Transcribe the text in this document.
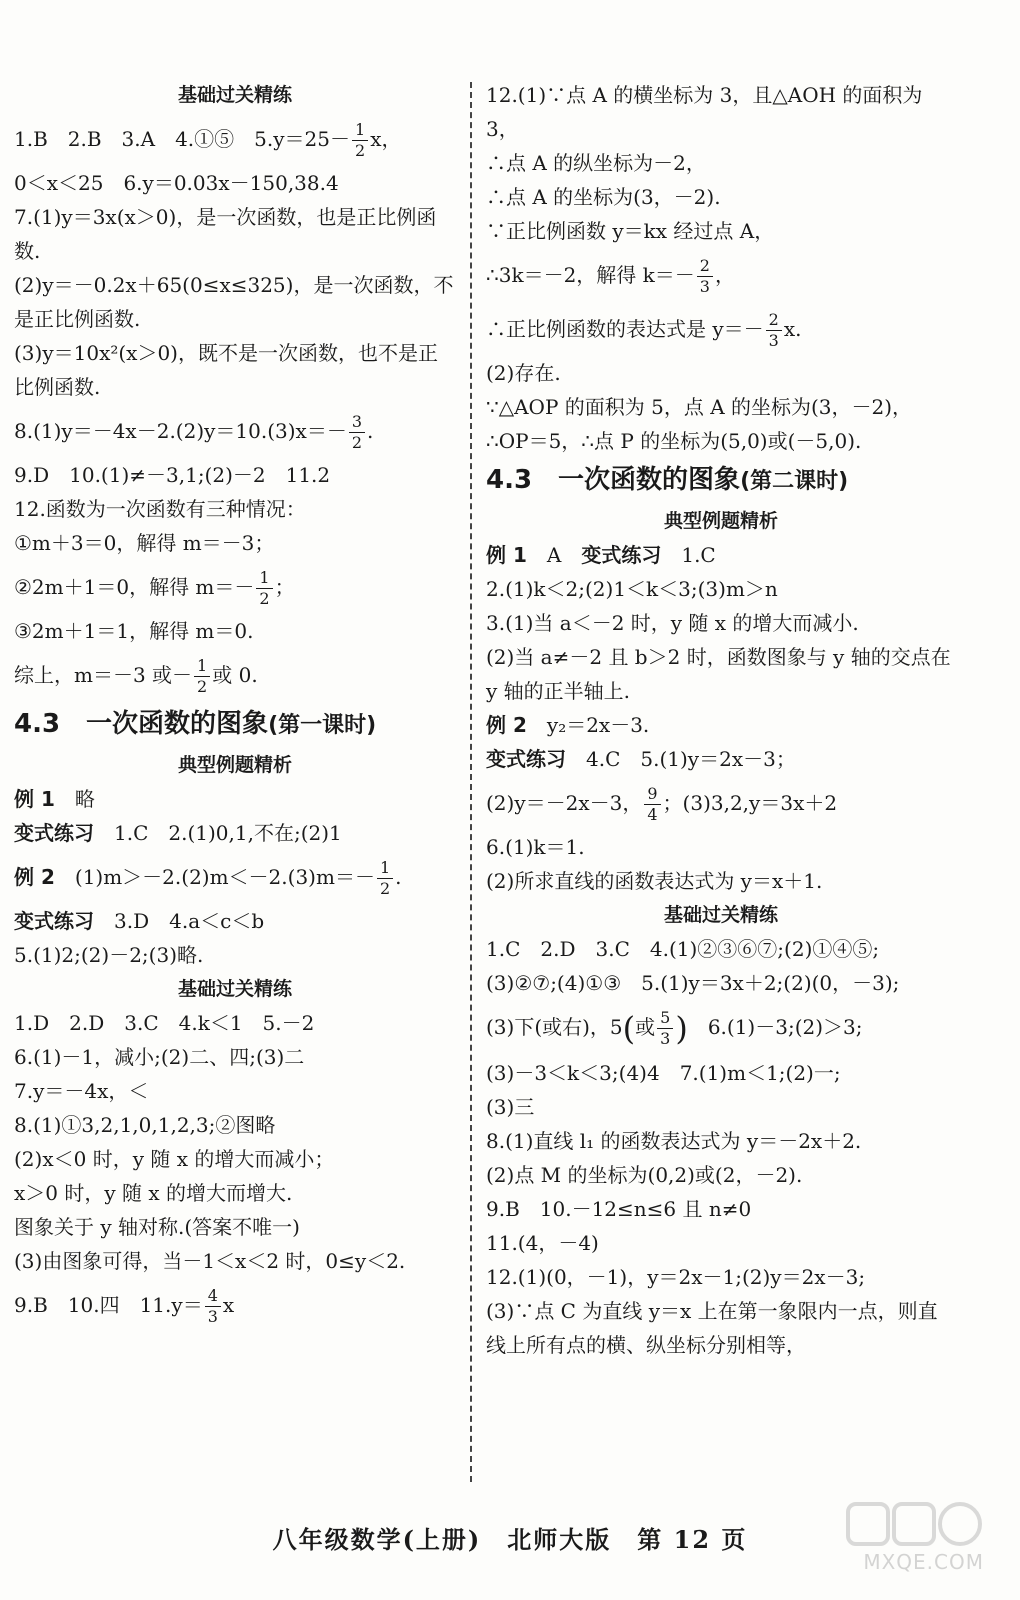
基础过关精练
1.B　2.B　3.A　4.①⑤　$5.y=25- \frac{1}{2}$ x，
0＜x＜25　6.y＝0.03x－150,38.4
7.(1)y＝3x(x＞0)，是一次函数，也是正比例函数.
(2)y＝－0.2x＋65(0≤x≤325)，是一次函数，不是正比例函数.
(3)y＝10x²(x＞0)，既不是一次函数，也不是正比例函数.
$8.(1)y=-4x-2.(2)y=10.(3)x=- \frac{3}{2}$ .
9.D　10.(1)≠－3,1;(2)－2　11.2
12.函数为一次函数有三种情况：
①m＋3＝0，解得 m＝－3；
②2m＋1＝0，解得 $m=- \frac{1}{2}$ ；
③2m＋1＝1，解得 m＝0.
综上，m＝－3 或－ $\frac{1}{2}$ 或 0.
4.3　一次函数的图象(第一课时)
典型例题精析
例 1　略
变式练习　1.C　2.(1)0,1,不在;(2)1
例 2　$(1)m>-2.(2)m<-2.(3)m=- \frac{1}{2}$ .
变式练习　3.D　4.a＜c＜b
5.(1)2;(2)－2;(3)略.
基础过关精练
1.D　2.D　3.C　4.k＜1　5.－2
6.(1)－1，减小;(2)二、四;(3)二
7.y＝－4x，＜
8.(1)①3,2,1,0,1,2,3;②图略
(2)x＜0 时，y 随 x 的增大而减小；
x＞0 时，y 随 x 的增大而增大.
图象关于 y 轴对称.(答案不唯一)
(3)由图象可得，当－1＜x＜2 时，0≤y＜2.
9.B　10.四　$11.y= \frac{4}{3}$ x
12.(1)∵点 A 的横坐标为 3，且△AOH 的面积为 3，
∴点 A 的纵坐标为－2，
∴点 A 的坐标为(3，－2).
∵正比例函数 y＝kx 经过点 A，
∴3k＝－2，解得 $k=- \frac{2}{3}$ ，
∴正比例函数的表达式是 $y=- \frac{2}{3} x$.
(2)存在.
∵△AOP 的面积为 5，点 A 的坐标为(3，－2)，
∴OP＝5，∴点 P 的坐标为(5,0)或(－5,0).
4.3　一次函数的图象(第二课时)
典型例题精析
例 1　A　变式练习　1.C
2.(1)k＜2;(2)1＜k＜3;(3)m＞n
3.(1)当 a＜－2 时，y 随 x 的增大而减小.
(2)当 a≠－2 且 b＞2 时，函数图象与 y 轴的交点在 y 轴的正半轴上.
例 2　y₂＝2x－3.
变式练习　4.C　5.(1)y＝2x－3；
(2)y＝－2x－3， $\frac{9}{4}$ ；(3)3,2,y＝3x＋2
6.(1)k＝1.
(2)所求直线的函数表达式为 y＝x＋1.
基础过关精练
1.C　2.D　3.C　4.(1)②③⑥⑦;(2)①④⑤;
(3)②⑦;(4)①③　5.(1)y＝3x＋2;(2)(0，－3);
(3)下(或右)，5(或 $\frac{5}{3}$ )　6.(1)－3;(2)＞3;
(3)－3＜k＜3;(4)4　7.(1)m＜1;(2)一;
(3)三
8.(1)直线 l₁ 的函数表达式为 y＝－2x＋2.
(2)点 M 的坐标为(0,2)或(2，－2).
9.B　10.－12≤n≤6 且 n≠0
11.(4，－4)
12.(1)(0，－1)，y＝2x－1;(2)y＝2x－3;
(3)∵点 C 为直线 y＝x 上在第一象限内一点，则直线上所有点的横、纵坐标分别相等，
八年级数学(上册)　北师大版　第 12 页
MXQE.COM
